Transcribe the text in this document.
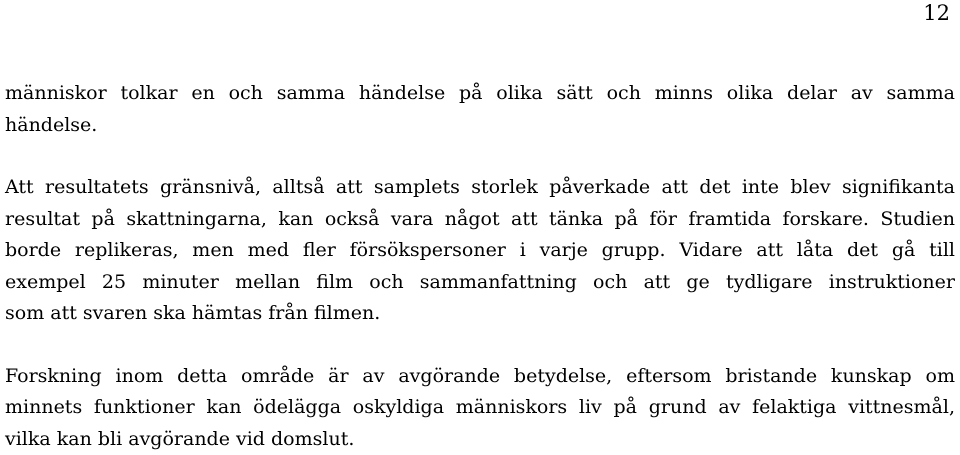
12

människor tolkar en och samma händelse på olika sätt och minns olika delar av samma
händelse.

Att resultatets gränsnivå, alltså att samplets storlek påverkade att det inte blev signifikanta
resultat på skattningarna, kan också vara något att tänka på för framtida forskare. Studien
borde replikeras, men med fler försökspersoner i varje grupp. Vidare att låta det gå till
exempel 25 minuter mellan film och sammanfattning och att ge tydligare instruktioner
som att svaren ska hämtas från filmen.

Forskning inom detta område är av avgörande betydelse, eftersom bristande kunskap om
minnets funktioner kan ödelägga oskyldiga människors liv på grund av felaktiga vittnesmål,
vilka kan bli avgörande vid domslut.
